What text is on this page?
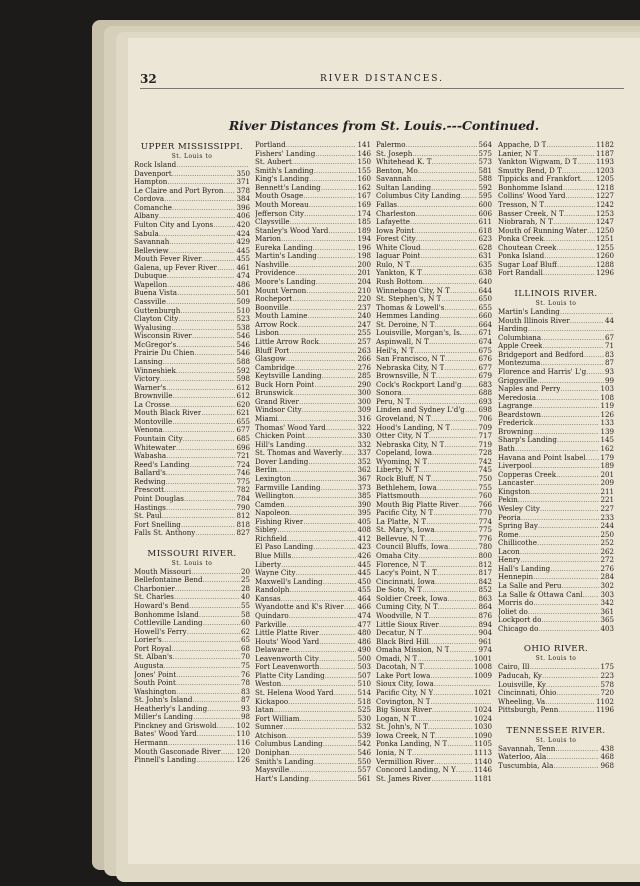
32	RIVER DISTANCES.
River Distances from St. Louis.---Continued.
UPPER MISSISSIPPI.
St. Louis to
Rock Island
.....
Davenport .....	350
Hampton .....	371
Le Claire and Port Byron ..... 378
Cordova .....	384
Comanche .....	396
Albany .....	406
Fulton City and Lyons .....	420
Sabula .....	424
Savannah .....	429
Belleview .....	445
Mouth Fever River .....	455
Galena, up Fever River .....	461
Dubuque .....	474
Wapellon .....	486
Buena Vista .....	501
Cassville .....	509
Guttenburgh .....	510
Clayton City .....	523
Wyalusing .....	538
Wisconsin River .....	546
McGregor's .....	546
Prairie Du Chien .....	546
Lansing .....	588
Winneshiek .....	592
Victory .....	598
Warner's .....	612
Brownville .....	612
La Crosse .....	620
Mouth Black River .....	621
Montoville .....	655
Wenona .....	677
Fountain City .....	685
Whitewater .....	696
Wabasha .....	721
Reed's Landing .....	724
Ballard's .....	746
Redwing .....	775
Prescott .....	782
Point Douglas .....	784
Hastings .....	790
St. Paul .....	812
Fort Snelling .....	818
Falls St. Anthony .....	827
MISSOURI RIVER.
St. Louis to
Mouth Missouri .....	20
Bellefontaine Bend .....	25
Charbonier .....	28
St. Charles .....	40
Howard's Bend .....	55
Bonhomme Island .....	58
Cottleville Landing .....	60
Howell's Ferry .....	62
Lorier's .....	65
Port Royal .....	68
St. Alban's .....	70
Augusta .....	75
Jones' Point .....	76
South Point .....	78
Washington .....	83
St. John's Island .....	87
Heatherly's Landing .....	93
Miller's Landing .....	98
Pinckney and Griswold .....	102
Bates' Wood Yard .....	110
Hermann .....	116
Mouth Gasconade River ..... 120
Pinnell's Landing .....	126
Portland .....	141
Fishers' Landing .....	146
St. Aubert .....	150
Smith's Landing .....	155
King's Landing .....	160
Bennett's Landing .....	162
Mouth Osage .....	167
Mouth Moreau .....	169
Jefferson City .....	174
Claysville .....	185
Stanley's Wood Yard .....	189
Marion .....	194
Eureka Landing .....	196
Martin's Landing .....	198
Nashville .....	200
Providence .....	201
Moore's Landing .....	204
Mount Vernon .....	210
Rocheport .....	220
Boonville .....	237
Mouth Lamine .....	240
Arrow Rock .....	247
Lisbon .....	255
Little Arrow Rock .....	257
Bluff Port .....	263
Glasgow .....	266
Cambridge .....	276
Keytsville Landing .....	285
Buck Horn Point .....	290
Brunswick .....	300
Grand River .....	300
Windsor City .....	309
Miami .....	316
Thomas' Wood Yard .....	322
Chicken Point .....	330
Hill's Landing .....	332
St. Thomas and Waverly ..... 337
Dover Landing .....	352
Berlin .....	362
Lexington .....	367
Farmville Landing .....	373
Wellington .....	385
Camden .....	390
Napoleon .....	395
Fishing River .....	405
Sibley .....	408
Richfield .....	412
El Paso Landing .....	423
Blue Mills .....	426
Liberty .....	445
Wayne City .....	445
Maxwell's Landing .....	450
Randolph .....	455
Kansas .....	464
Wyandotte and K's River ..... 466
Quindaro .....	474
Parkville .....	477
Little Platte River .....	480
Houts' Wood Yard .....	486
Delaware .....	490
Leavenworth City .....	500
Fort Leavenworth .....	503
Platte City Landing .....	507
Weston .....	510
St. Helena Wood Yard .....	514
Kickapoo .....	518
Iatan .....	525
Fort William .....	530
Sumner .....	532
Atchison .....	539
Columbus Landing .....	542
Doniphan .....	546
Smith's Landing .....	550
Maysville .....	557
Hart's Landing .....	561
Palermo .....	564
St. Joseph .....	575
Whitehead K. T .....	573
Benton, Mo .....	581
Savannah .....	588
Sultan Landing .....	592
Columbus City Landing .....	595
Fallas .....	600
Charleston .....	606
Lafayette .....	611
Iowa Point .....	618
Forest City .....	623
White Cloud .....	628
Iaguar Point .....	631
Rulo, N T .....	635
Yankton, K T .....	638
Rush Bottom .....	640
Winnebago City, N T .....	644
St. Stephen's, N T .....	650
Thomas & Lowell's .....	655
Hemmes Landing .....	660
St. Deroine, N T .....	664
Louisville, Morgan's, Is. ..... 671
Aspinwall, N T .....	674
Heil's, N T .....	675
San Francisco, N T .....	676
Nebraska City, N T .....	677
Brownsville, N T .....	679
Cock's Rockport Land'g ..... 683
Sonora .....	688
Peru, N T .....	693
Linden and Sydney L'd'g ..... 698
Groveland, N T .....	706
Hood's Landing, N T .....	709
Otter City, N T .....	717
Nebraska City, N T .....	719
Copeland, Iowa .....	728
Wyoming, N T .....	742
Liberty, N T .....	745
Rock Bluff, N T .....	750
Bethlehem, Iowa .....	755
Plattsmouth .....	760
Mouth Big Platte River .....	766
Pacific City, N T .....	770
La Platte, N T .....	774
St. Mary's, Iowa .....	775
Bellevue, N T .....	776
Council Bluffs, Iowa .....	780
Omaha City .....	800
Florence, N T .....	812
Lacy's Point, N T .....	817
Cincinnati, Iowa .....	842
De Soto, N T .....	852
Soldier Creek, Iowa .....	863
Cuming City, N T .....	864
Woodville, N T .....	876
Little Sioux River .....	894
Decatur, N T .....	904
Black Bird Hill .....	961
Omaha Mission, N T .....	974
Omadi, N T .....	1001
Dacotah, N T .....	1008
Lake Port Iowa .....	1009
Sioux City, Iowa
.....
Pacific City, N Y .....	1021
Covington, N T
.....
Big Sioux River .....	1024
Logan, N T .....	1024
St. John's, N T .....	1030
Iowa Creek, N T .....	1090
Ponka Landing, N T .....	1105
Ionia, N T .....	1113
Vermillion River .....	1140
Concord Landing, N Y .....	1146
St. James River .....	1181
Appache, D T .....	1182
Lanier, N T .....	1187
Yankton Wigwam, D T .....	1193
Smutty Bend, D T .....	1203
Tippicks and Frankfort ..... 1205
Bonhomme Island .....	1218
Collins' Wood Yard .....	1227
Tresson, N T .....	1242
Basser Creek, N T .....	1253
Niobrarah, N T .....	1247
Mouth of Running Water ..... 1250
Ponka Creek .....	1251
Choutean Creek .....	1255
Ponka Island .....	1260
Sugar Loaf Bluff .....	1288
Fort Randall .....	1296
ILLINOIS RIVER.
St. Louis to
Martin's Landing
.....
Mouth Illinois River .....	44
Harding
.....
Columbiana .....	67
Apple Creek .....	71
Bridgeport and Bedford .....	83
Montezuma .....	87
Florence and Harris' L'g .....	93
Griggsville .....	99
Naples and Perry .....	103
Meredosia .....	108
Lagrange .....	119
Beardstown .....	126
Frederick .....	133
Browning .....	139
Sharp's Landing .....	145
Bath .....	162
Havana and Point Isabel ..... 179
Liverpool .....	189
Copperas Creek .....	201
Lancaster .....	209
Kingston .....	211
Pekin .....	221
Wesley City .....	227
Peoria .....	233
Spring Bay .....	244
Rome .....	250
Chillicothe .....	252
Lacon .....	262
Henry .....	272
Hall's Landing .....	276
Hennepin .....	284
La Salle and Peru .....	302
La Salle & Ottawa Canl .....	303
Morris do .....	342
Joliet do .....	361
Lockport do .....	365
Chicago do .....	403
OHIO RIVER.
St. Louis to
Cairo, Ill .....	175
Paducah, Ky .....	223
Louisville, Ky .....	578
Cincinnati, Ohio .....	720
Wheeling, Va .....	1102
Pittsburgh, Penn .....	1196
TENNESSEE RIVER.
St. Louis to
Savannah, Tenn .....	438
Waterloo, Ala .....	468
Tuscumbia, Ala .....	968
